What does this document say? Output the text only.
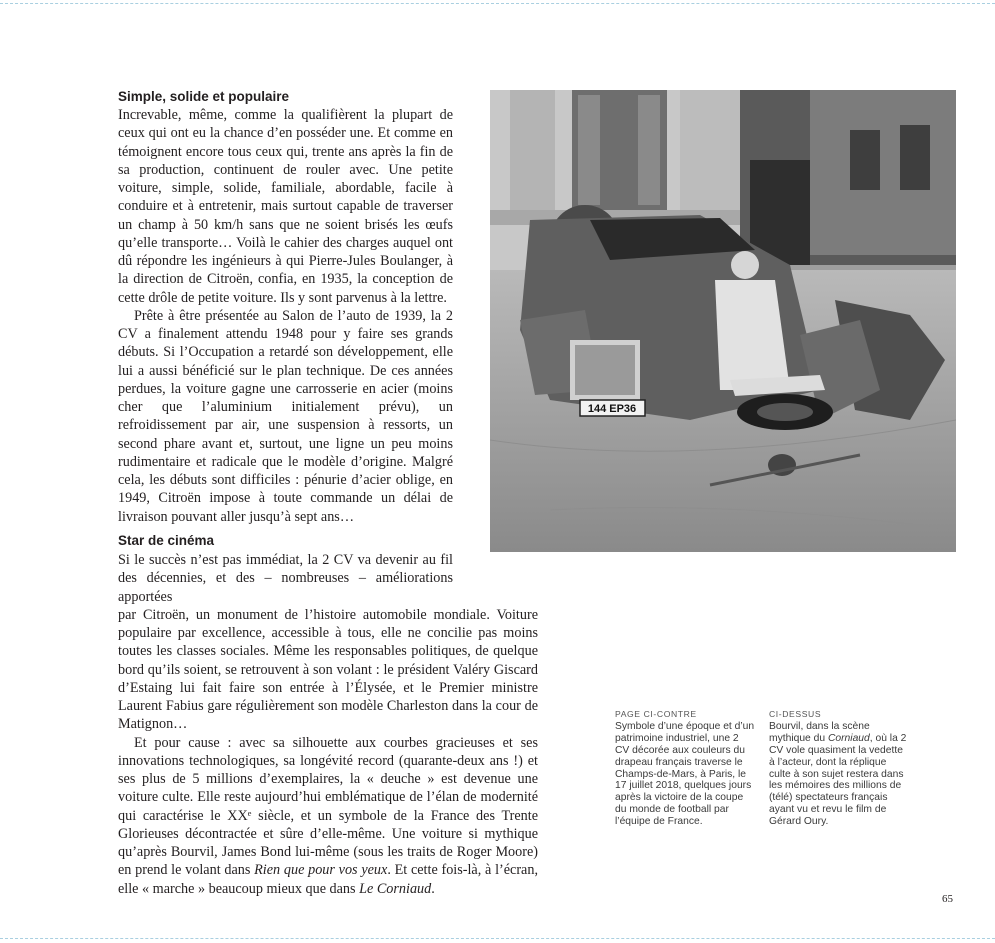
Simple, solide et populaire

Increvable, même, comme la qualifièrent la plupart de ceux qui ont eu la chance d’en posséder une. Et comme en témoignent encore tous ceux qui, trente ans après la fin de sa production, continuent de rouler avec. Une petite voiture, simple, solide, familiale, abordable, facile à conduire et à entretenir, mais surtout capable de traverser un champ à 50 km/h sans que ne soient brisés les œufs qu’elle transporte… Voilà le cahier des charges auquel ont dû répondre les ingénieurs à qui Pierre-Jules Boulanger, à la direction de Citroën, confia, en 1935, la conception de cette drôle de petite voiture. Ils y sont parvenus à la lettre.

Prête à être présentée au Salon de l’auto de 1939, la 2 CV a finalement attendu 1948 pour y faire ses grands débuts. Si l’Occupation a retardé son développement, elle lui a aussi bénéficié sur le plan technique. De ces années perdues, la voiture gagne une carrosserie en acier (moins cher que l’aluminium initialement prévu), un refroidissement par air, une suspension à ressorts, un second phare avant et, surtout, une ligne un peu moins rudimentaire et radicale que le modèle d’origine. Malgré cela, les débuts sont difficiles : pénurie d’acier oblige, en 1949, Citroën impose à toute commande un délai de livraison pouvant aller jusqu’à sept ans…

Star de cinéma

Si le succès n’est pas immédiat, la 2 CV va devenir au fil des décennies, et des – nombreuses – améliorations apportées

par Citroën, un monument de l’histoire automobile mondiale. Voiture populaire par excellence, accessible à tous, elle ne concilie pas moins toutes les classes sociales. Même les responsables politiques, de quelque bord qu’ils soient, se retrouvent à son volant : le président Valéry Giscard d’Estaing lui fait faire son entrée à l’Élysée, et le Premier ministre Laurent Fabius gare régulièrement son modèle Charleston dans la cour de Matignon…

Et pour cause : avec sa silhouette aux courbes gracieuses et ses innovations technologiques, sa longévité record (quarante-deux ans !) et ses plus de 5 millions d’exemplaires, la « deuche » est devenue une voiture culte. Elle reste aujourd’hui emblématique de l’élan de modernité qui caractérise le XXᵉ siècle, et un symbole de la France des Trente Glorieuses décontractée et sûre d’elle-même. Une voiture si mythique qu’après Bourvil, James Bond lui-même (sous les traits de Roger Moore) en prend le volant dans Rien que pour vos yeux. Et cette fois-là, à l’écran, elle « marche » beaucoup mieux que dans Le Corniaud.

144 EP36
PAGE CI-CONTRE
Symbole d’une époque et d’un patrimoine industriel, une 2 CV décorée aux couleurs du drapeau français traverse le Champs-de-Mars, à Paris, le 17 juillet 2018, quelques jours après la victoire de la coupe du monde de football par l’équipe de France.
CI-DESSUS
Bourvil, dans la scène mythique du Corniaud, où la 2 CV vole quasiment la vedette à l’acteur, dont la réplique culte à son sujet restera dans les mémoires des millions de (télé) spectateurs français ayant vu et revu le film de Gérard Oury.
65
